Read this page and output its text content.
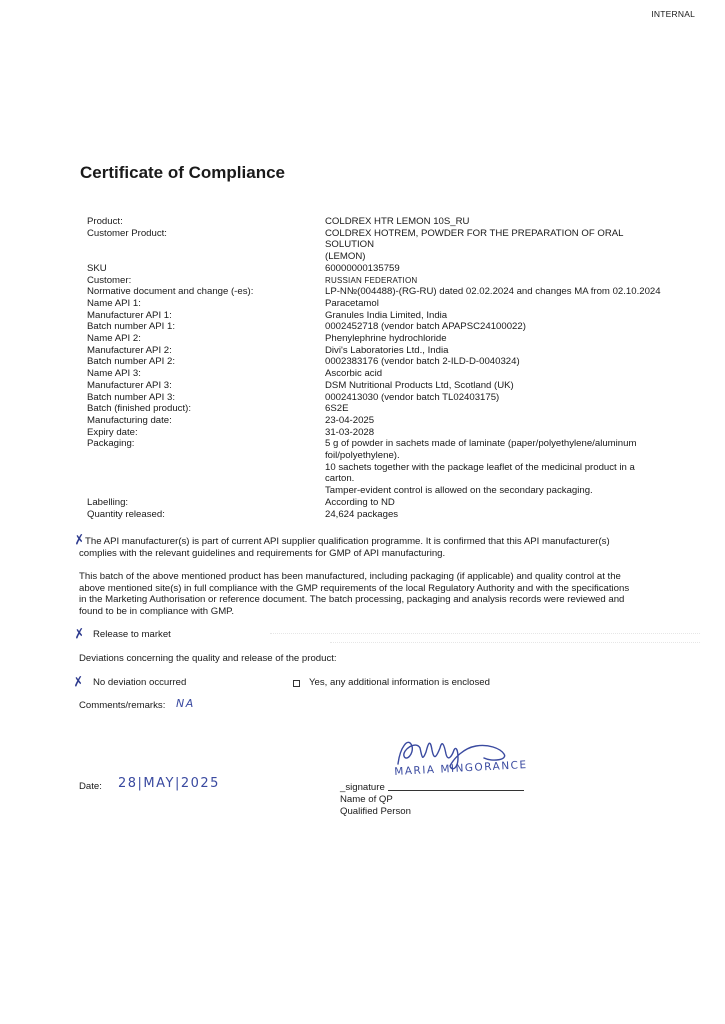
INTERNAL
Certificate of Compliance
Product:	COLDREX HTR LEMON 10S_RU
Customer Product:	COLDREX HOTREM, POWDER FOR THE PREPARATION OF ORAL SOLUTION
(LEMON)
SKU	60000000135759
Customer:	RUSSIAN FEDERATION
Normative document and change (-es):	LP-N№(004488)-(RG-RU) dated 02.02.2024 and changes MA from 02.10.2024
Name API 1:	Paracetamol
Manufacturer API 1:	Granules India Limited, India
Batch number API 1:	0002452718 (vendor batch APAPSC24100022)
Name API 2:	Phenylephrine hydrochloride
Manufacturer API 2:	Divi's Laboratories Ltd., India
Batch number API 2:	0002383176 (vendor batch 2-ILD-D-0040324)
Name API 3:	Ascorbic acid
Manufacturer API 3:	DSM Nutritional Products Ltd, Scotland (UK)
Batch number API 3:	0002413030 (vendor batch TL02403175)
Batch (finished product):	6S2E
Manufacturing date:	23-04-2025
Expiry date:	31-03-2028
Packaging:	5 g of powder in sachets made of laminate (paper/polyethylene/aluminum
foil/polyethylene).
10 sachets together with the package leaflet of the medicinal product in a
carton.
Tamper-evident control is allowed on the secondary packaging.
Labelling:	According to ND
Quantity released:	24,624 packages
✗
The API manufacturer(s) is part of current API supplier qualification programme. It is confirmed that this API manufacturer(s)
complies with the relevant guidelines and requirements for GMP of API manufacturing.
This batch of the above mentioned product has been manufactured, including packaging (if applicable) and quality control at the
above mentioned site(s) in full compliance with the GMP requirements of the local Regulatory Authority and with the specifications
in the Marketing Authorisation or reference document. The batch processing, packaging and analysis records were reviewed and
found to be in compliance with GMP.
✗ Release to market
Deviations concerning the quality and release of the product:
✗ No deviation occurred	Yes, any additional information is enclosed
Comments/remarks: NA
Date: 28|MAY|2025
MARIA MINGORANCE
_signature
Name of QP
Qualified Person
